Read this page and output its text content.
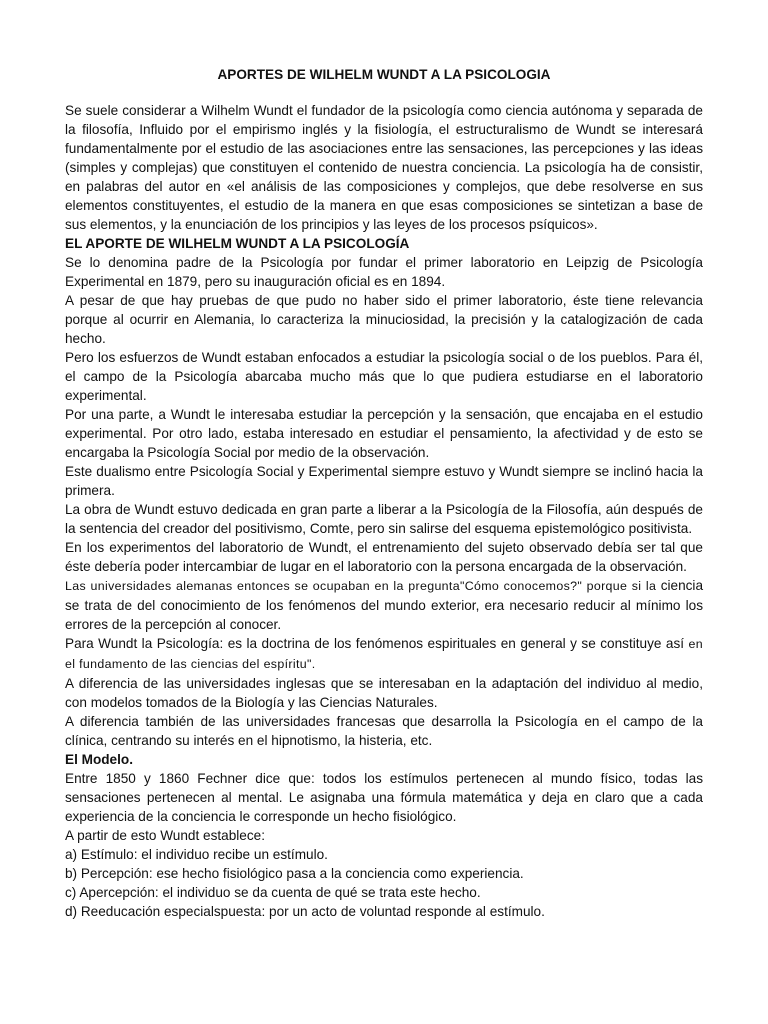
APORTES DE WILHELM WUNDT A LA PSICOLOGIA

Se suele considerar a Wilhelm Wundt el fundador de la psicología como ciencia autónoma y separada de la filosofía, Influido por el empirismo inglés y la fisiología, el estructuralismo de Wundt se interesará fundamentalmente por el estudio de las asociaciones entre las sensaciones, las percepciones y las ideas (simples y complejas) que constituyen el contenido de nuestra conciencia. La psicología ha de consistir, en palabras del autor en «el análisis de las composiciones y complejos, que debe resolverse en sus elementos constituyentes, el estudio de la manera en que esas composiciones se sintetizan a base de sus elementos, y la enunciación de los principios y las leyes de los procesos psíquicos».

EL APORTE DE WILHELM WUNDT A LA PSICOLOGÍA

Se lo denomina padre de la Psicología por fundar el primer laboratorio en Leipzig de Psicología Experimental en 1879, pero su inauguración oficial es en 1894.

A pesar de que hay pruebas de que pudo no haber sido el primer laboratorio, éste tiene relevancia porque al ocurrir en Alemania, lo caracteriza la minuciosidad, la precisión y la catalogización de cada hecho.

Pero los esfuerzos de Wundt estaban enfocados a estudiar la psicología social o de los pueblos. Para él, el campo de la Psicología abarcaba mucho más que lo que pudiera estudiarse en el laboratorio experimental.

Por una parte, a Wundt le interesaba estudiar la percepción y la sensación, que encajaba en el estudio experimental. Por otro lado, estaba interesado en estudiar el pensamiento, la afectividad y de esto se encargaba la Psicología Social por medio de la observación.

Este dualismo entre Psicología Social y Experimental siempre estuvo y Wundt siempre se inclinó hacia la primera.

La obra de Wundt estuvo dedicada en gran parte a liberar a la Psicología de la Filosofía, aún después de la sentencia del creador del positivismo, Comte, pero sin salirse del esquema epistemológico positivista.

En los experimentos del laboratorio de Wundt, el entrenamiento del sujeto observado debía ser tal que éste debería poder intercambiar de lugar en el laboratorio con la persona encargada de la observación.

Las universidades alemanas entonces se ocupaban en la pregunta"Cómo conocemos?" porque si la ciencia se trata de del conocimiento de los fenómenos del mundo exterior, era necesario reducir al mínimo los errores de la percepción al conocer.

Para Wundt la Psicología: es la doctrina de los fenómenos espirituales en general y se constituye así en el fundamento de las ciencias del espíritu".

A diferencia de las universidades inglesas que se interesaban en la adaptación del individuo al medio, con modelos tomados de la Biología y las Ciencias Naturales.

A diferencia también de las universidades francesas que desarrolla la Psicología en el campo de la clínica, centrando su interés en el hipnotismo, la histeria, etc.

El Modelo.

Entre 1850 y 1860 Fechner dice que: todos los estímulos pertenecen al mundo físico, todas las sensaciones pertenecen al mental. Le asignaba una fórmula matemática y deja en claro que a cada experiencia de la conciencia le corresponde un hecho fisiológico.

A partir de esto Wundt establece:

a) Estímulo: el individuo recibe un estímulo.

b) Percepción: ese hecho fisiológico pasa a la conciencia como experiencia.

c) Apercepción: el individuo se da cuenta de qué se trata este hecho.

d) Reeducación especialspuesta: por un acto de voluntad responde al estímulo.
